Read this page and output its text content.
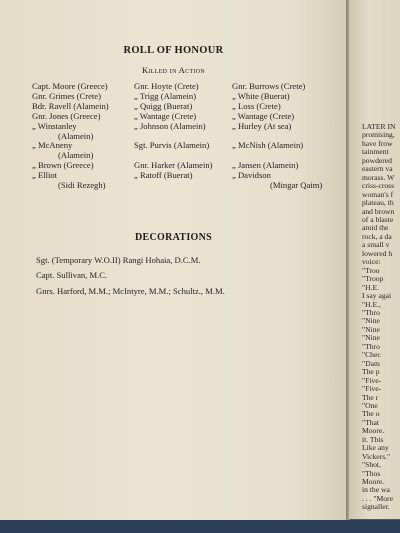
ROLL OF HONOUR
Killed in Action
Capt. Moore (Greece)
Gnr. Grimes (Crete)
Bdr. Ravell (Alamein)
Gnr. Jones (Greece)
„ Winstanley
(Alamein)
„ McAneny
(Alamein)
„ Brown (Greece)
„ Elliot
(Sidi Rezegh)
Gnr. Hoyte (Crete)
„ Trigg (Alamein)
„ Quigg (Buerat)
„ Wantage (Crete)
„ Johnson (Alamein)

Sgt. Purvis (Alamein)

Gnr. Harker (Alamein)
„ Ratoff (Buerat)
Gnr. Burrows (Crete)
„ White (Buerat)
„ Loss (Crete)
„ Wantage (Crete)
„ Hurley (At sea)

„ McNish (Alamein)

„ Jansen (Alamein)
„ Davidson
(Mingar Qaim)
DECORATIONS
Sgt. (Temporary W.O.II) Rangi Hohaia, D.C.M.
Capt. Sullivan, M.C.
Gnrs. Harford, M.M.; McIntyre, M.M.; Schultz., M.M.
LATER IN
promising,
have frow
tainment
powdered
eastern va
morass. W
criss-cross
woman's f
plateau, th
and brown
of a blaste
amid the
rock, a da
a small v
lowered h
voice:
"Troo
"Troop
"H.E.
I say agai
"H.E.,
"Thro
"Nine
"Nine
"Nine
"Thro
"Chec
"Dam
The p
"Five-
"Five-
The r
"One
The o
"That
Moore.
it. This
Like any
Vickers."
"Shot,
"Thos
Moore.
in the wa
. . . "More
signaller.
